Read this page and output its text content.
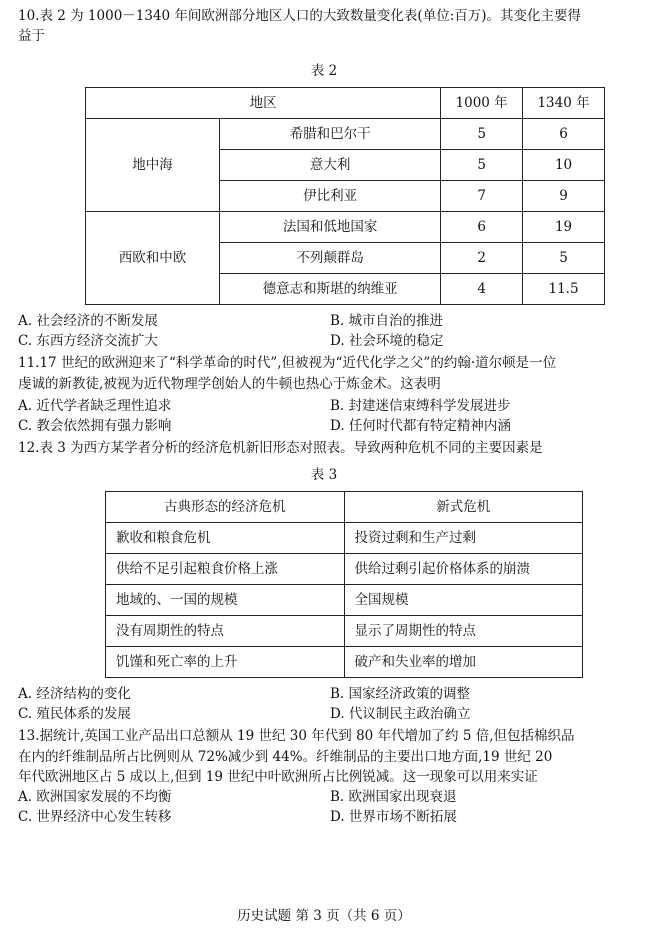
10.表 2 为 1000－1340 年间欧洲部分地区人口的大致数量变化表(单位:百万)。其变化主要得
益于

表 2
地区		1000 年	1340 年
地中海	希腊和巴尔干	5	6
	意大利	5	10
	伊比利亚	7	9
西欧和中欧	法国和低地国家	6	19
	不列颠群岛	2	5
	德意志和斯堪的纳维亚	4	11.5

A. 社会经济的不断发展	B. 城市自治的推进

C. 东西方经济交流扩大	D. 社会环境的稳定

11.17 世纪的欧洲迎来了“科学革命的时代”,但被视为“近代化学之父”的约翰·道尔顿是一位
虔诚的新教徒,被视为近代物理学创始人的牛顿也热心于炼金术。这表明

A. 近代学者缺乏理性追求	B. 封建迷信束缚科学发展进步

C. 教会依然拥有强力影响	D. 任何时代都有特定精神内涵

12.表 3 为西方某学者分析的经济危机新旧形态对照表。导致两种危机不同的主要因素是

表 3
古典形态的经济危机	新式危机
歉收和粮食危机	投资过剩和生产过剩
供给不足引起粮食价格上涨	供给过剩引起价格体系的崩溃
地域的、一国的规模	全国规模
没有周期性的特点	显示了周期性的特点
饥馑和死亡率的上升	破产和失业率的增加

A. 经济结构的变化	B. 国家经济政策的调整

C. 殖民体系的发展	D. 代议制民主政治确立

13.据统计,英国工业产品出口总额从 19 世纪 30 年代到 80 年代增加了约 5 倍,但包括棉织品
在内的纤维制品所占比例则从 72%减少到 44%。纤维制品的主要出口地方面,19 世纪 20
年代欧洲地区占 5 成以上,但到 19 世纪中叶欧洲所占比例锐减。这一现象可以用来实证

A. 欧洲国家发展的不均衡	B. 欧洲国家出现衰退

C. 世界经济中心发生转移	D. 世界市场不断拓展

历史试题 第 3 页（共 6 页）
